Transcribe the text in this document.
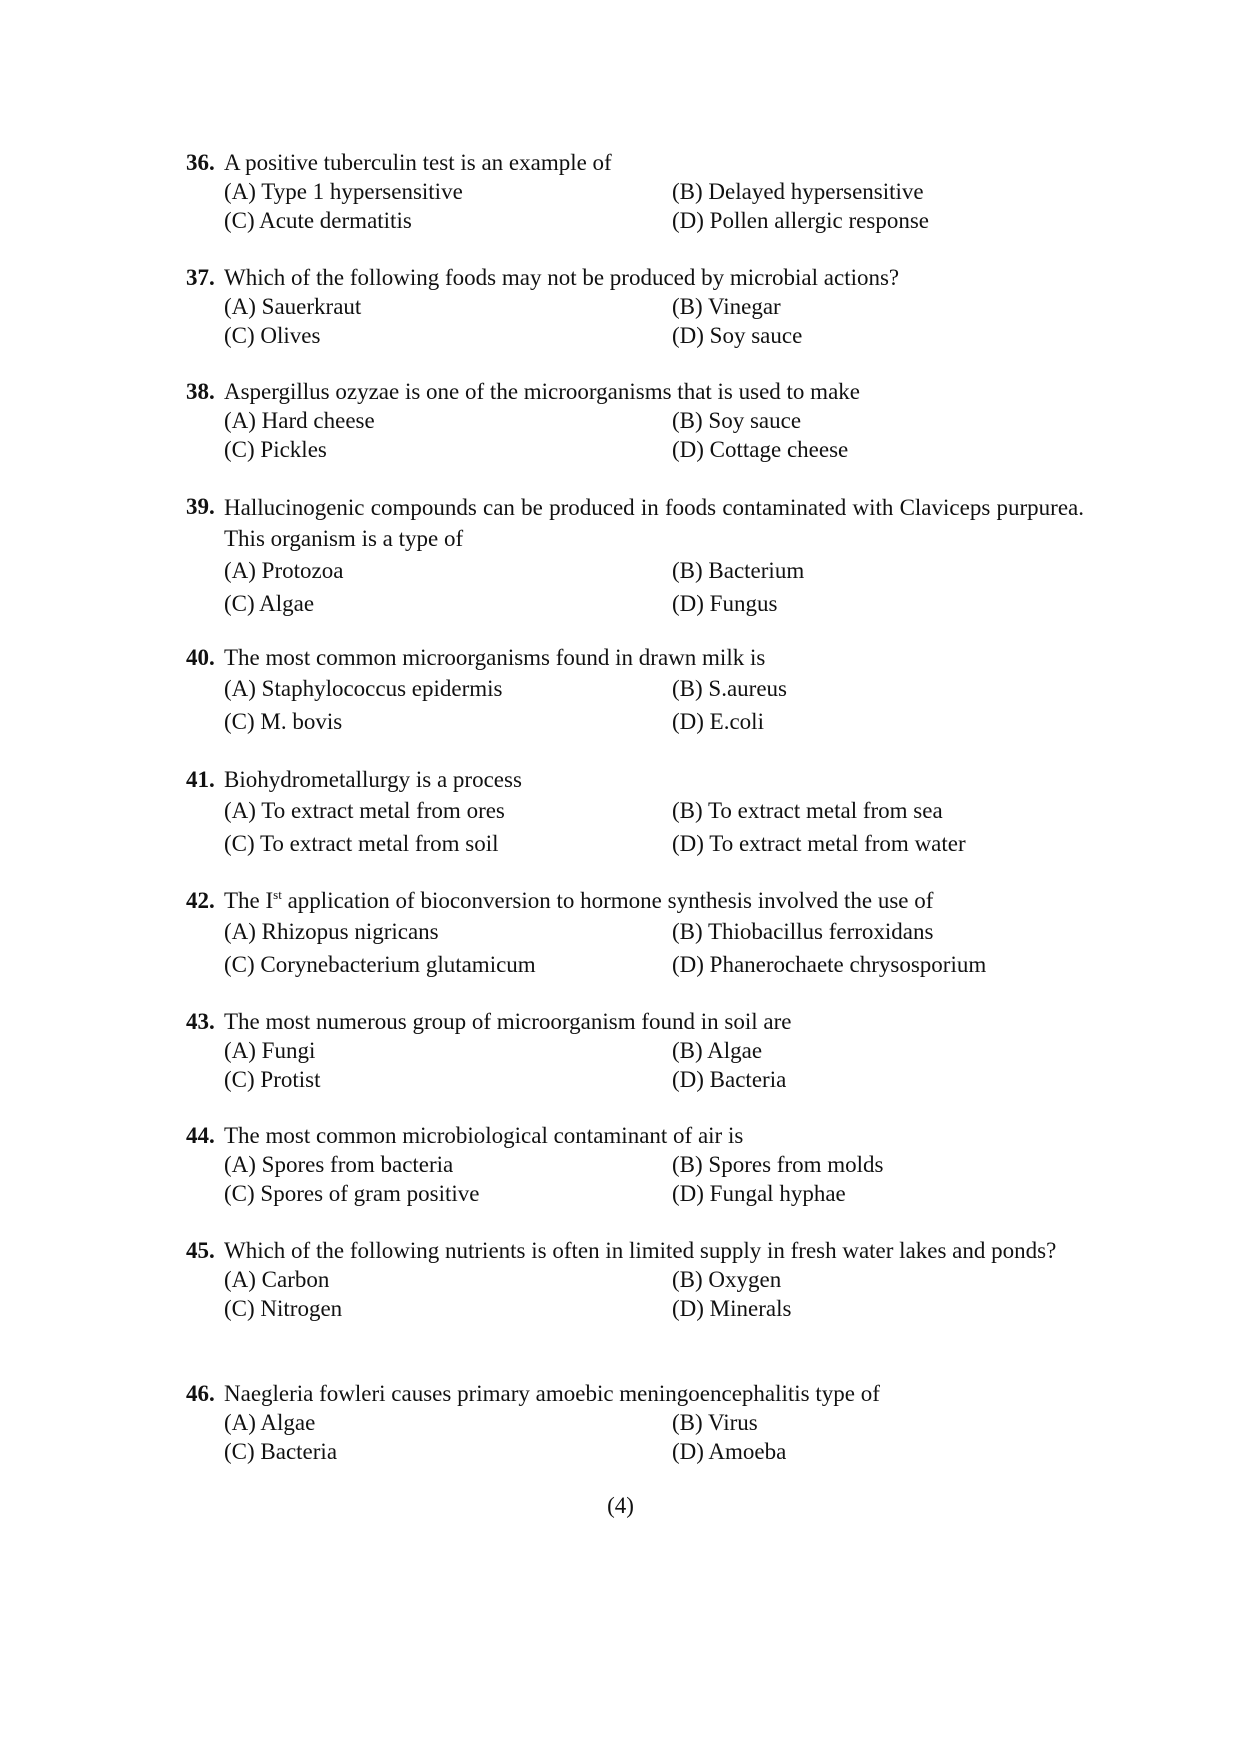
36. A positive tuberculin test is an example of
(A) Type 1 hypersensitive	(B) Delayed hypersensitive
(C) Acute dermatitis	(D) Pollen allergic response
37. Which of the following foods may not be produced by microbial actions?
(A) Sauerkraut	(B) Vinegar
(C) Olives	(D) Soy sauce
38. Aspergillus ozyzae is one of the microorganisms that is used to make
(A) Hard cheese	(B) Soy sauce
(C) Pickles	(D) Cottage cheese
39. Hallucinogenic compounds can be produced in foods contaminated with Claviceps purpurea. This organism is a type of
(A) Protozoa	(B) Bacterium
(C) Algae	(D) Fungus
40. The most common microorganisms found in drawn milk is
(A) Staphylococcus epidermis	(B) S.aureus
(C) M. bovis	(D) E.coli
41. Biohydrometallurgy is a process
(A) To extract metal from ores	(B) To extract metal from sea
(C) To extract metal from soil	(D) To extract metal from water
42. The Ist application of bioconversion to hormone synthesis involved the use of
(A) Rhizopus nigricans	(B) Thiobacillus ferroxidans
(C) Corynebacterium glutamicum	(D) Phanerochaete chrysosporium
43. The most numerous group of microorganism found in soil are
(A) Fungi	(B) Algae
(C) Protist	(D) Bacteria
44. The most common microbiological contaminant of air is
(A) Spores from bacteria	(B) Spores from molds
(C) Spores of gram positive	(D) Fungal hyphae
45. Which of the following nutrients is often in limited supply in fresh water lakes and ponds?
(A) Carbon	(B) Oxygen
(C) Nitrogen	(D) Minerals
46. Naegleria fowleri causes primary amoebic meningoencephalitis type of
(A) Algae	(B) Virus
(C) Bacteria	(D) Amoeba
(4)
